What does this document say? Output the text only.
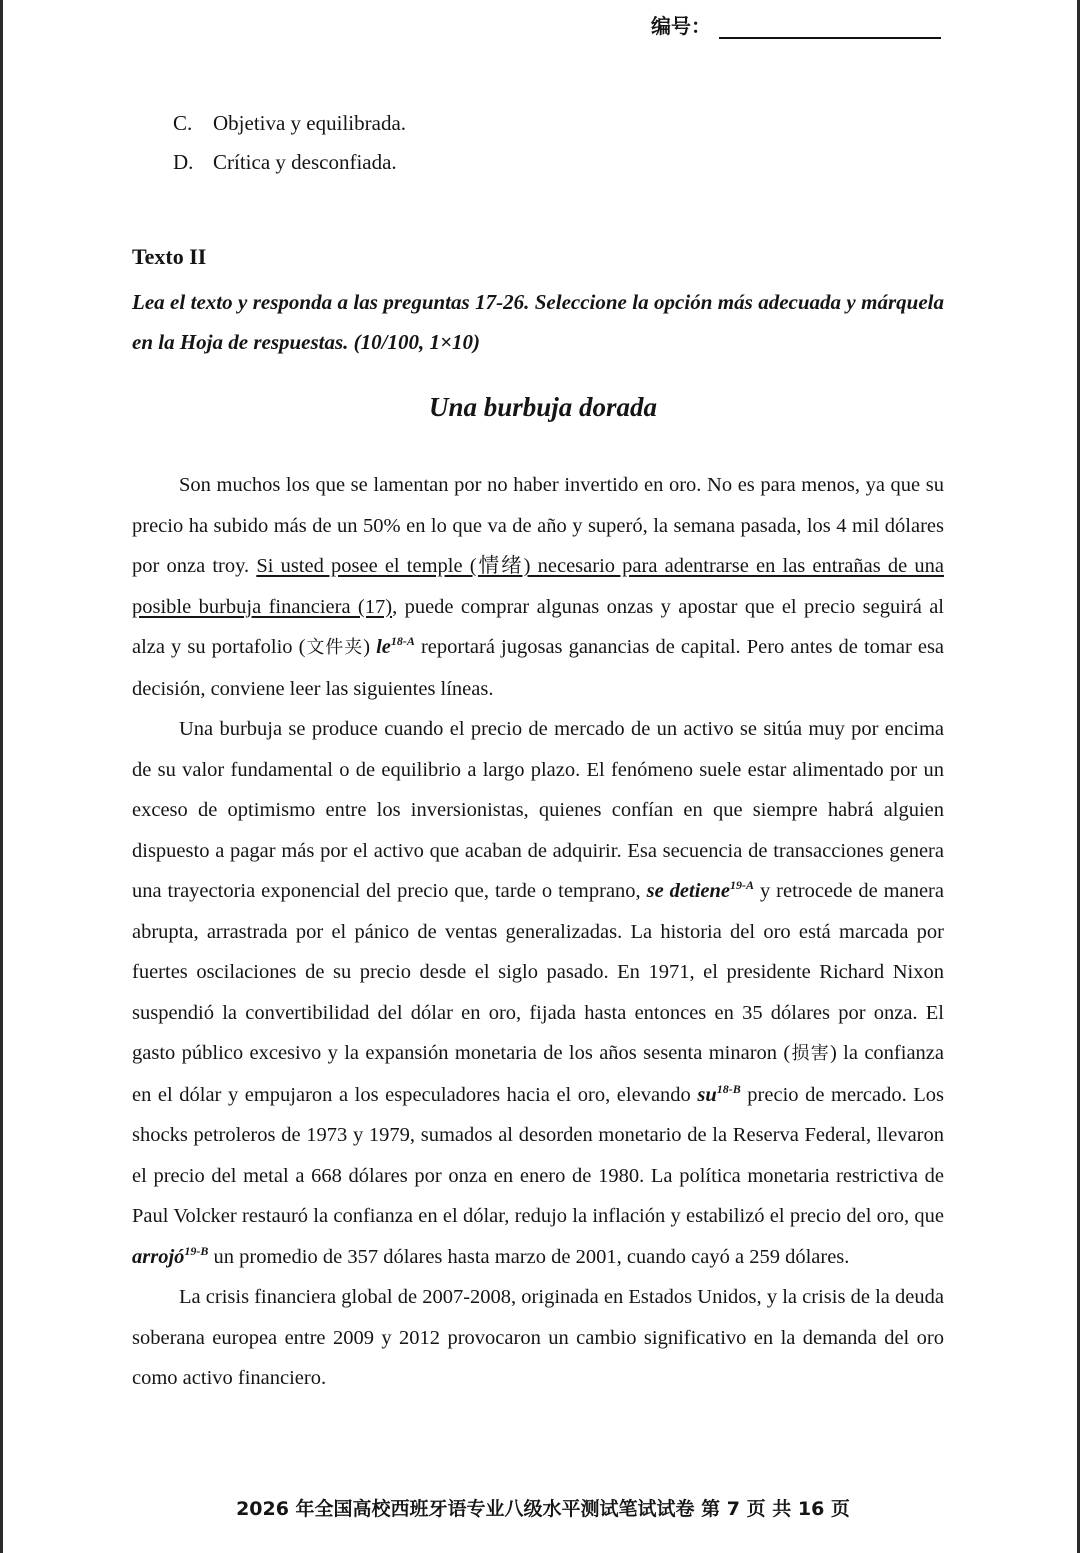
编号：
C. Objetiva y equilibrada.
D. Crítica y desconfiada.
Texto II
Lea el texto y responda a las preguntas 17-26. Seleccione la opción más adecuada y márquela en la Hoja de respuestas. (10/100, 1×10)
Una burbuja dorada

Son muchos los que se lamentan por no haber invertido en oro. No es para menos, ya que su precio ha subido más de un 50% en lo que va de año y superó, la semana pasada, los 4 mil dólares por onza troy. Si usted posee el temple (情绪) necesario para adentrarse en las entrañas de una posible burbuja financiera (17), puede comprar algunas onzas y apostar que el precio seguirá al alza y su portafolio (文件夹) $le^{18-A}$ reportará jugosas ganancias de capital. Pero antes de tomar esa decisión, conviene leer las siguientes líneas.

Una burbuja se produce cuando el precio de mercado de un activo se sitúa muy por encima de su valor fundamental o de equilibrio a largo plazo. El fenómeno suele estar alimentado por un exceso de optimismo entre los inversionistas, quienes confían en que siempre habrá alguien dispuesto a pagar más por el activo que acaban de adquirir. Esa secuencia de transacciones genera una trayectoria exponencial del precio que, tarde o temprano, se detiene$^{19-A}$ y retrocede de manera abrupta, arrastrada por el pánico de ventas generalizadas. La historia del oro está marcada por fuertes oscilaciones de su precio desde el siglo pasado. En 1971, el presidente Richard Nixon suspendió la convertibilidad del dólar en oro, fijada hasta entonces en 35 dólares por onza. El gasto público excesivo y la expansión monetaria de los años sesenta minaron (损害) la confianza en el dólar y empujaron a los especuladores hacia el oro, elevando $su^{18-B}$ precio de mercado. Los shocks petroleros de 1973 y 1979, sumados al desorden monetario de la Reserva Federal, llevaron el precio del metal a 668 dólares por onza en enero de 1980. La política monetaria restrictiva de Paul Volcker restauró la confianza en el dólar, redujo la inflación y estabilizó el precio del oro, que arrojó$^{19-B}$ un promedio de 357 dólares hasta marzo de 2001, cuando cayó a 259 dólares.

La crisis financiera global de 2007-2008, originada en Estados Unidos, y la crisis de la deuda soberana europea entre 2009 y 2012 provocaron un cambio significativo en la demanda del oro como activo financiero.

2026 年全国高校西班牙语专业八级水平测试笔试试卷 第 7 页 共 16 页
